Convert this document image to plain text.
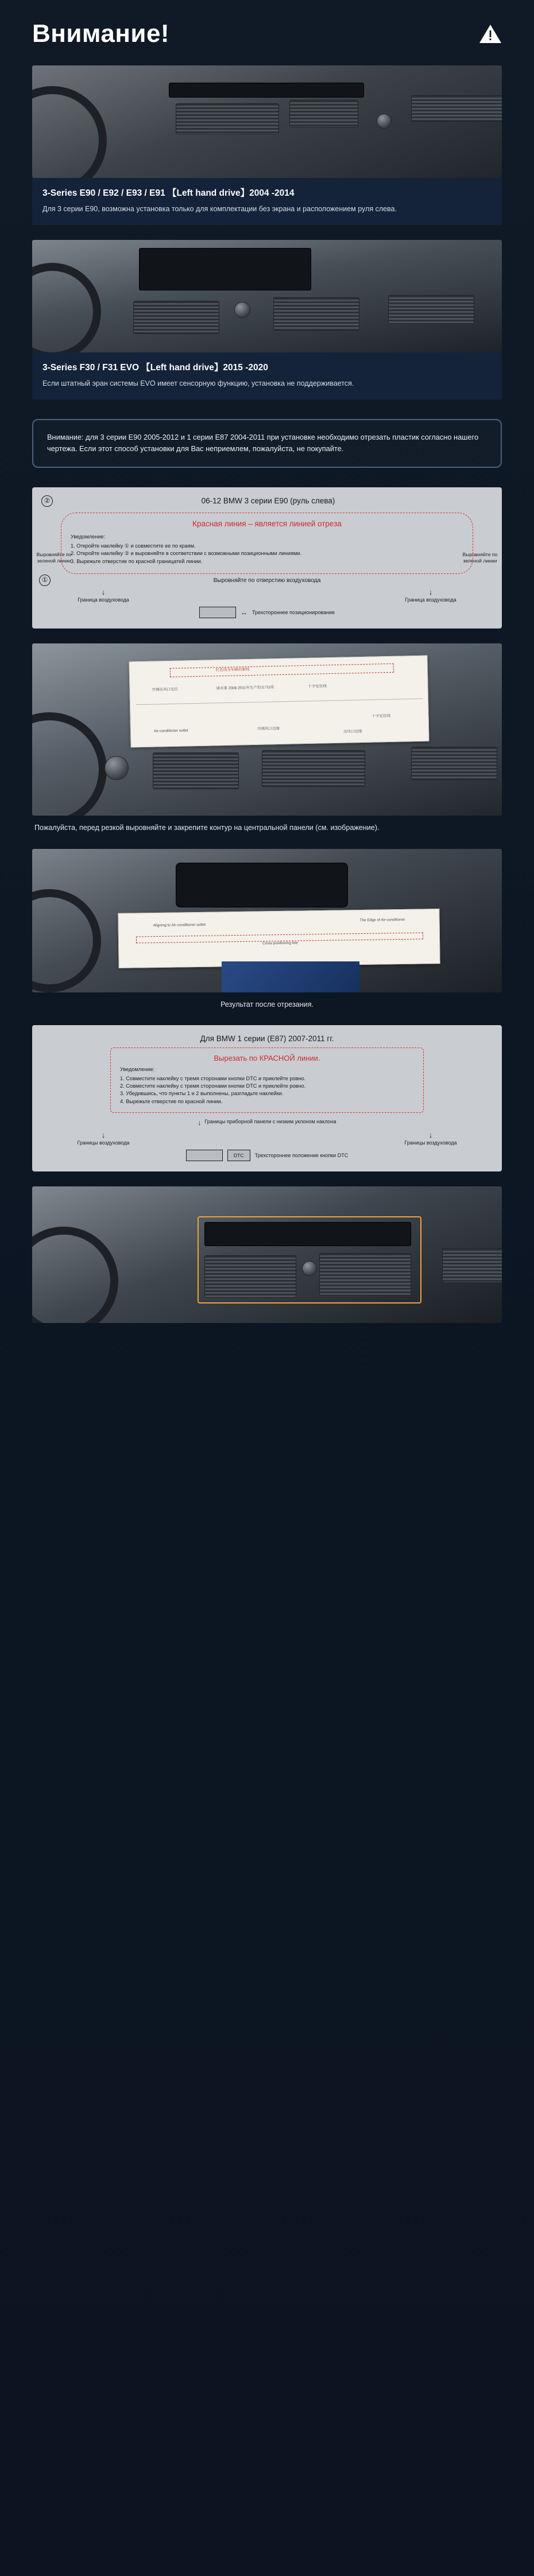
Внимание!
3-Series E90 / E92 / E93 / E91 【Left hand drive】2004 -2014
Для 3 серии Е90, возможна установка только для комплектации без экрана и расположением руля слева.
3-Series F30 / F31 EVO 【Left hand drive】2015 -2020
Если штатный эран системы EVO имеет сенсорную функцию, установка не поддерживается.
Внимание: для 3 серии E90 2005-2012 и 1 серии E87 2004-2011 при установке необходимо отрезать пластик согласно нашего чертежа. Если этот способ установки для Вас неприемлем, пожалуйста, не покупайте.
②	06-12 BMW 3 серии E90 (руль слева)
Выровняйте по зеленой линии
Выровняйте по зеленой линии
①
Красная линия – является линией отреза
Уведомление:
1. Откройте наклейку ① и совместите ее по краям.
2. Откройте наклейку ② и выровняйте в соответствии с возможными позиционными линиями.
3. Вырежьте отверстие по красной границатей линии.
Выровняйте по отверстию воздуховода
↓
Граница воздуховода
↓
Граница воздуховода
↔ Трехстороннее позиционирование
红色线为车辆切割线
空调出风口定位	请对准 2006-2011年生产的宝马3系	十字定位线
十字定位线
Air-conditioner outlet	空调风口边缘
出风口边缘
Пожалуйста, перед резкой выровняйте и закрепите контур на центральной панели (см. изображение).
Aligning to Air-conditioner outlet
The Edge of Air-conditioner
Cross positioning line
Результат после отрезания.
Для BMW 1 серии (E87) 2007-2011 гг.
Вырезать по КРАСНОЙ линии.
Уведомление:
1. Совместите наклейку с тремя сторонами кнопки DTC и приклейте ровно.
2. Совместите наклейку с тремя сторонами кнопки DTC и приклейте ровно.
3. Убедившись, что пункты 1 и 2 выполнены, разгладьте наклейки.
4. Вырежьте отверстие по красной линии.
↓ Границы приборной панели с низким уклоном наклона
↓
Границы воздуховода
↓
Границы воздуховода
DTC	Трехстороннее положение кнопки DTC
